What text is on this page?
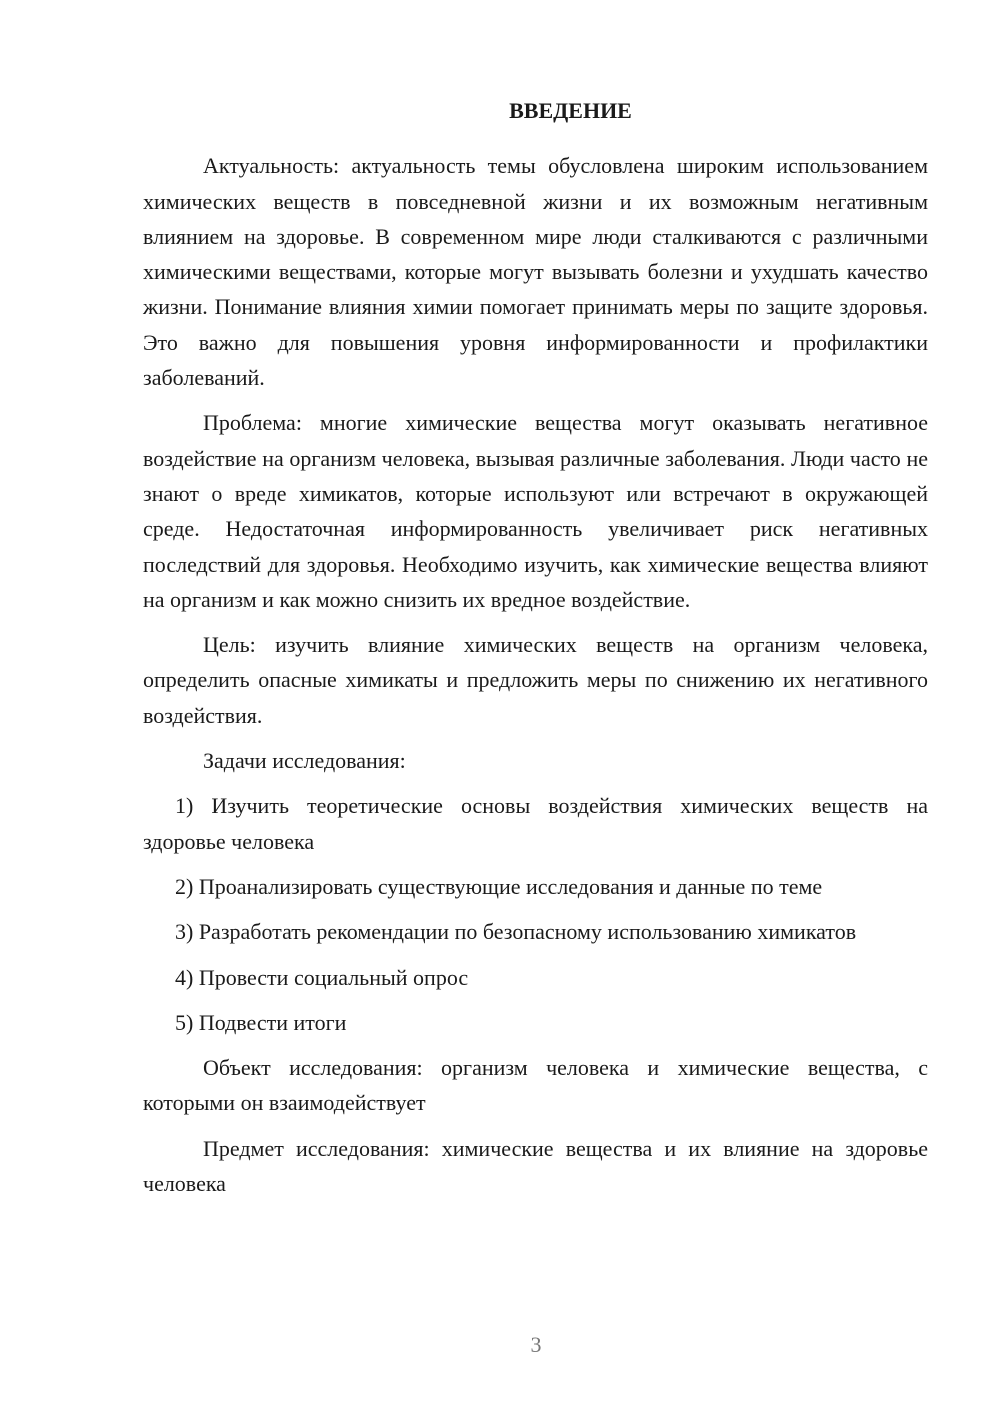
ВВЕДЕНИЕ

Актуальность: актуальность темы обусловлена широким использованием химических веществ в повседневной жизни и их возможным негативным влиянием на здоровье. В современном мире люди сталкиваются с различными химическими веществами, которые могут вызывать болезни и ухудшать качество жизни. Понимание влияния химии помогает принимать меры по защите здоровья. Это важно для повышения уровня информированности и профилактики заболеваний.

Проблема: многие химические вещества могут оказывать негативное воздействие на организм человека, вызывая различные заболевания. Люди часто не знают о вреде химикатов, которые используют или встречают в окружающей среде. Недостаточная информированность увеличивает риск негативных последствий для здоровья. Необходимо изучить, как химические вещества влияют на организм и как можно снизить их вредное воздействие.

Цель: изучить влияние химических веществ на организм человека, определить опасные химикаты и предложить меры по снижению их негативного воздействия.

Задачи исследования:

1) Изучить теоретические основы воздействия химических веществ на здоровье человека

2) Проанализировать существующие исследования и данные по теме

3) Разработать рекомендации по безопасному использованию химикатов

4) Провести социальный опрос

5) Подвести итоги

Объект исследования: организм человека и химические вещества, с которыми он взаимодействует

Предмет исследования: химические вещества и их влияние на здоровье человека

3
